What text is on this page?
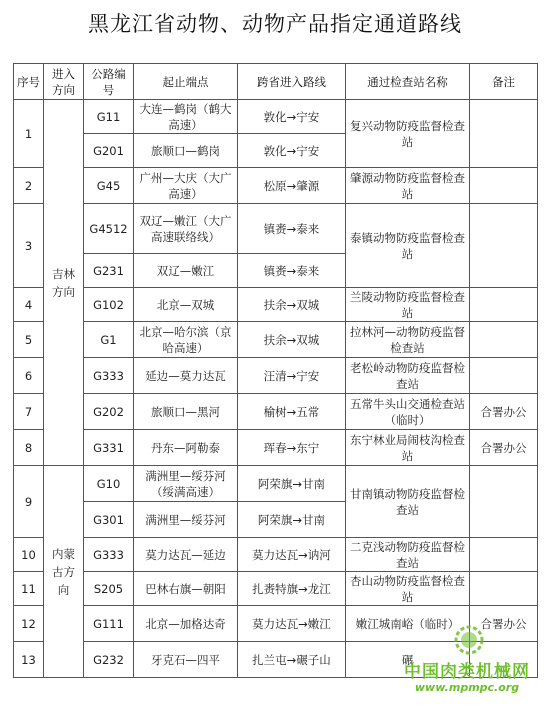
黑龙江省动物、动物产品指定通道路线
序号	进入方向	公路编号	起止端点	跨省进入路线	通过检查站名称	备注
1	吉林方向	G11	大连—鹤岗（鹤大高速）	敦化→宁安	复兴动物防疫监督检查站	
		G201	旅顺口—鹤岗	敦化→宁安		
2		G45	广州—大庆（大广高速）	松原→肇源	肇源动物防疫监督检查站	
3		G4512	双辽—嫩江（大广高速联络线）	镇赉→泰来	泰镇动物防疫监督检查站	
		G231	双辽—嫩江	镇赉→泰来		
4		G102	北京—双城	扶余→双城	兰陵动物防疫监督检查站	
5		G1	北京—哈尔滨（京哈高速）	扶余→双城	拉林河—动物防疫监督检查站	
6		G333	延边—莫力达瓦	汪清→宁安	老松岭动物防疫监督检查站	
7		G202	旅顺口—黑河	榆树→五常	五常牛头山交通检查站（临时）	合署办公
8		G331	丹东—阿勒泰	珲春→东宁	东宁林业局闹枝沟检查站	合署办公
9	内蒙古方向	G10	满洲里—绥芬河（绥满高速）	阿荣旗→甘南	甘南镇动物防疫监督检查站	
		G301	满洲里—绥芬河	阿荣旗→甘南		
10		G333	莫力达瓦—延边	莫力达瓦→讷河	二克浅动物防疫监督检查站	
11		S205	巴林右旗—朝阳	扎赉特旗→龙江	杏山动物防疫监督检查站	
12		G111	北京—加格达奇	莫力达瓦→嫩江	嫩江城南峪（临时）	合署办公
13		G232	牙克石—四平	扎兰屯→碾子山	碾	
中国肉类机械网
www.mpmpc.org
